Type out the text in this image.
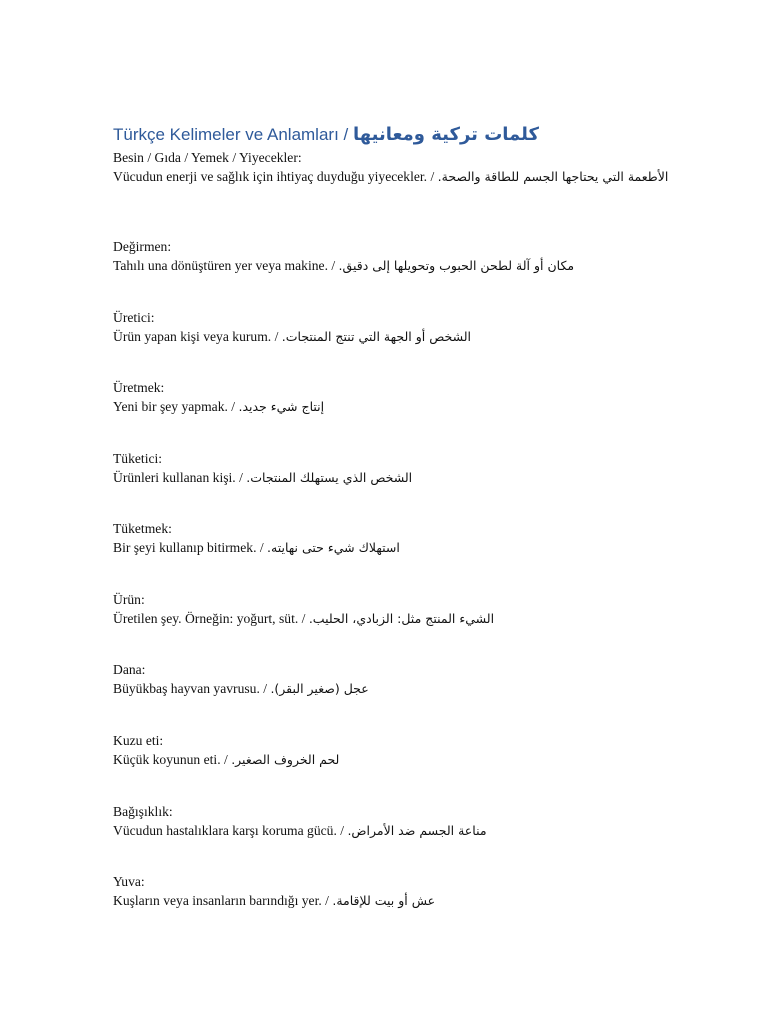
Türkçe Kelimeler ve Anlamları / كلمات تركية ومعانيها
Besin / Gıda / Yemek / Yiyecekler:
Vücudun enerji ve sağlık için ihtiyaç duyduğu yiyecekler. / الأطعمة التي يحتاجها الجسم للطاقة والصحة.
Değirmen:
Tahılı una dönüştüren yer veya makine. / مكان أو آلة لطحن الحبوب وتحويلها إلى دقيق.
Üretici:
Ürün yapan kişi veya kurum. / الشخص أو الجهة التي تنتج المنتجات.
Üretmek:
Yeni bir şey yapmak. / إنتاج شيء جديد.
Tüketici:
Ürünleri kullanan kişi. / الشخص الذي يستهلك المنتجات.
Tüketmek:
Bir şeyi kullanıp bitirmek. / استهلاك شيء حتى نهايته.
Ürün:
Üretilen şey. Örneğin: yoğurt, süt. / الشيء المنتج مثل: الزبادي، الحليب.
Dana:
Büyükbaş hayvan yavrusu. / عجل (صغير البقر).
Kuzu eti:
Küçük koyunun eti. / لحم الخروف الصغير.
Bağışıklık:
Vücudun hastalıklara karşı koruma gücü. / مناعة الجسم ضد الأمراض.
Yuva:
Kuşların veya insanların barındığı yer. / عش أو بيت للإقامة.
